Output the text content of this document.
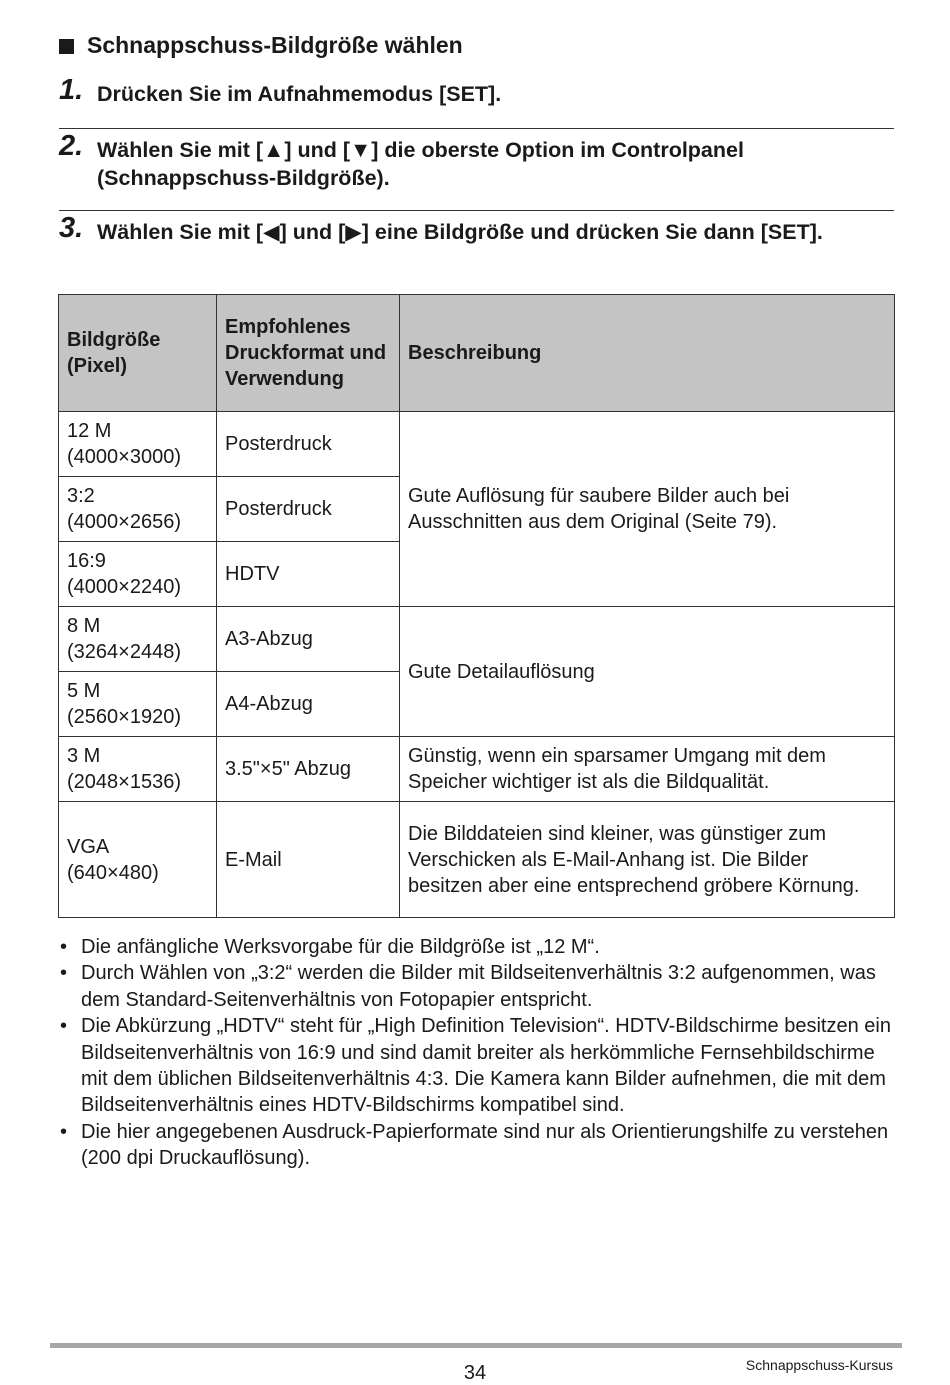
Schnappschuss-Bildgröße wählen
1. Drücken Sie im Aufnahmemodus [SET].
2. Wählen Sie mit [▲] und [▼] die oberste Option im Controlpanel (Schnappschuss-Bildgröße).
3. Wählen Sie mit [◀] und [▶] eine Bildgröße und drücken Sie dann [SET].
Bildgröße (Pixel)	Empfohlenes Druckformat und Verwendung	Beschreibung

12 M
(4000×3000)	Posterdruck	Gute Auflösung für saubere Bilder auch bei Ausschnitten aus dem Original (Seite 79).

3:2
(4000×2656)	Posterdruck	

16:9
(4000×2240)	HDTV	

8 M
(3264×2448)	A3-Abzug	Gute Detailauflösung

5 M
(2560×1920)	A4-Abzug	

3 M
(2048×1536)	3.5"×5" Abzug	Günstig, wenn ein sparsamer Umgang mit dem Speicher wichtiger ist als die Bildqualität.

VGA
(640×480)	E-Mail	Die Bilddateien sind kleiner, was günstiger zum Verschicken als E-Mail-Anhang ist. Die Bilder besitzen aber eine entsprechend gröbere Körnung.
• Die anfängliche Werksvorgabe für die Bildgröße ist „12 M“.
• Durch Wählen von „3:2“ werden die Bilder mit Bildseitenverhältnis 3:2 aufgenommen, was dem Standard-Seitenverhältnis von Fotopapier entspricht.
• Die Abkürzung „HDTV“ steht für „High Definition Television“. HDTV-Bildschirme besitzen ein Bildseitenverhältnis von 16:9 und sind damit breiter als herkömmliche Fernsehbildschirme mit dem üblichen Bildseitenverhältnis 4:3. Die Kamera kann Bilder aufnehmen, die mit dem Bildseitenverhältnis eines HDTV-Bildschirms kompatibel sind.
• Die hier angegebenen Ausdruck-Papierformate sind nur als Orientierungshilfe zu verstehen (200 dpi Druckauflösung).
34	Schnappschuss-Kursus
